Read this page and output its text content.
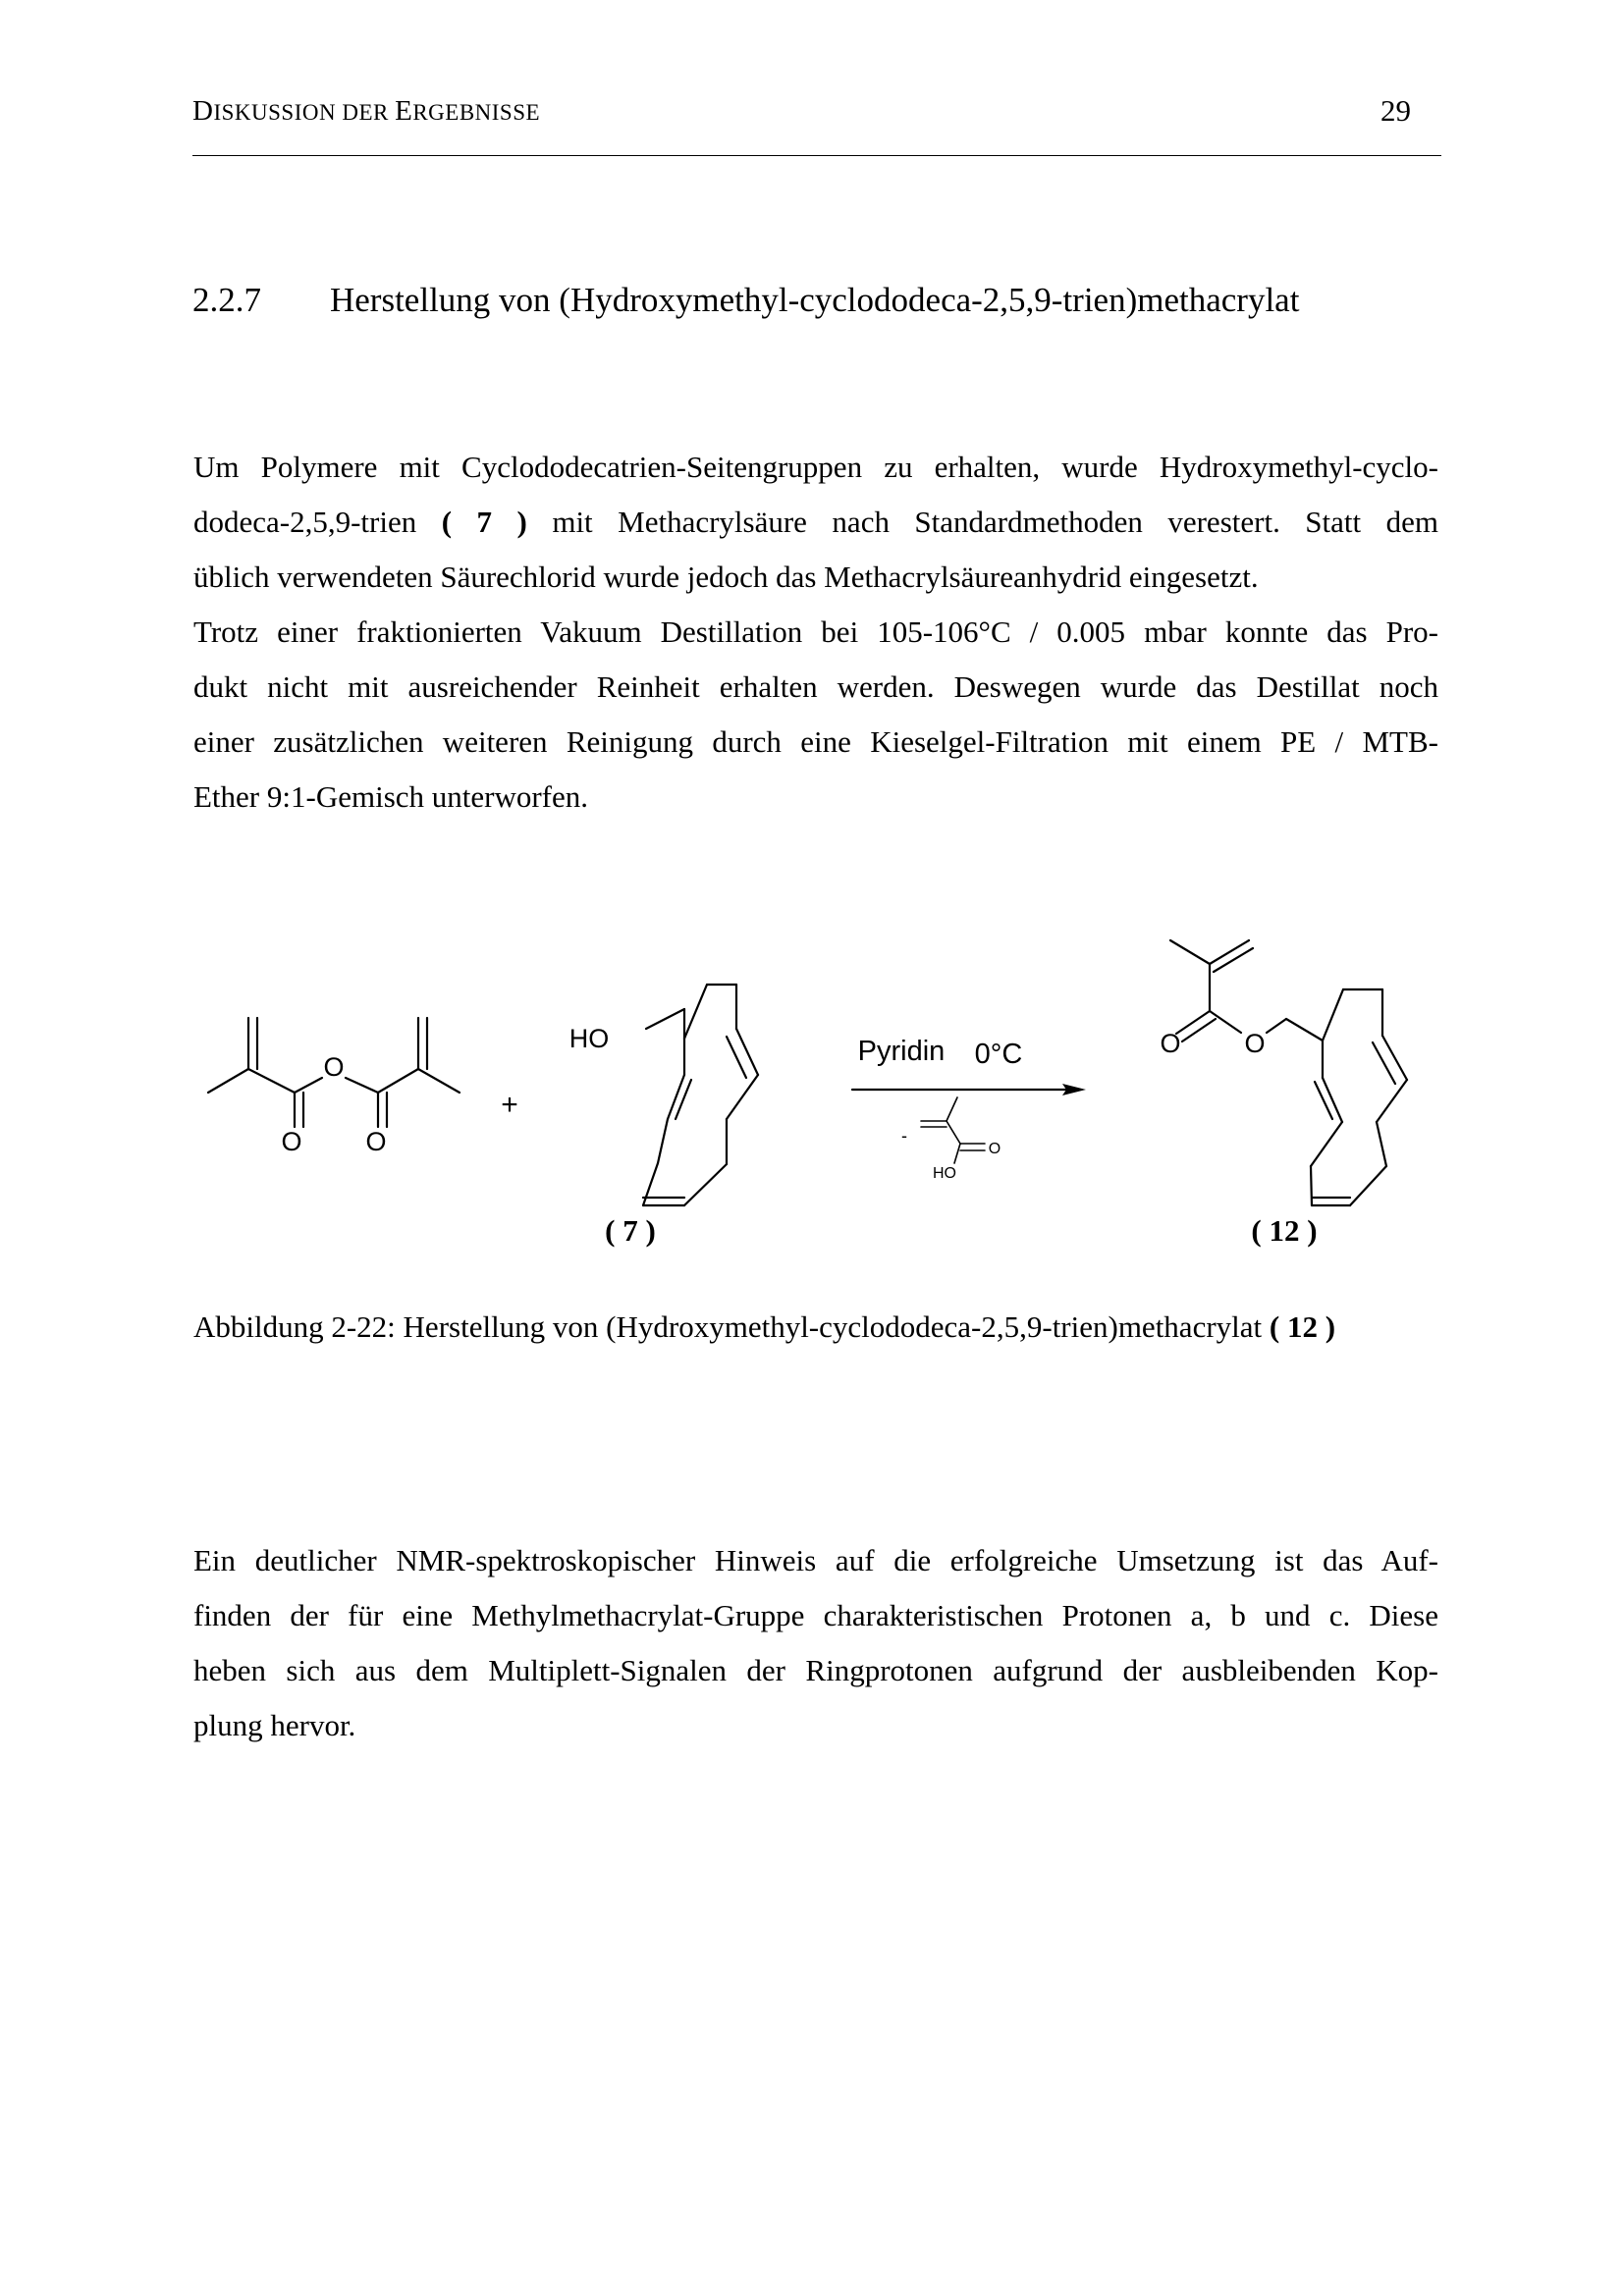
DISKUSSION DER ERGEBNISSE	29
2.2.7 Herstellung von (Hydroxymethyl-cyclododeca-2,5,9-trien)methacrylat
Um Polymere mit Cyclododecatrien-Seitengruppen zu erhalten, wurde Hydroxymethyl-cyclo-
dodeca-2,5,9-trien ( 7 ) mit Methacrylsäure nach Standardmethoden verestert. Statt dem
üblich verwendeten Säurechlorid wurde jedoch das Methacrylsäureanhydrid eingesetzt.
Trotz einer fraktionierten Vakuum Destillation bei 105-106°C / 0.005 mbar konnte das Pro-
dukt nicht mit ausreichender Reinheit erhalten werden. Deswegen wurde das Destillat noch
einer zusätzlichen weiteren Reinigung durch eine Kieselgel-Filtration mit einem PE / MTB-
Ether 9:1-Gemisch unterworfen.
O
O O
+
HO	Pyridin 0°C
-
O
HO
O O
( 7 )	( 12 )
Abbildung 2-22: Herstellung von (Hydroxymethyl-cyclododeca-2,5,9-trien)methacrylat ( 12 )
Ein deutlicher NMR-spektroskopischer Hinweis auf die erfolgreiche Umsetzung ist das Auf-
finden der für eine Methylmethacrylat-Gruppe charakteristischen Protonen a, b und c. Diese
heben sich aus dem Multiplett-Signalen der Ringprotonen aufgrund der ausbleibenden Kop-
plung hervor.
